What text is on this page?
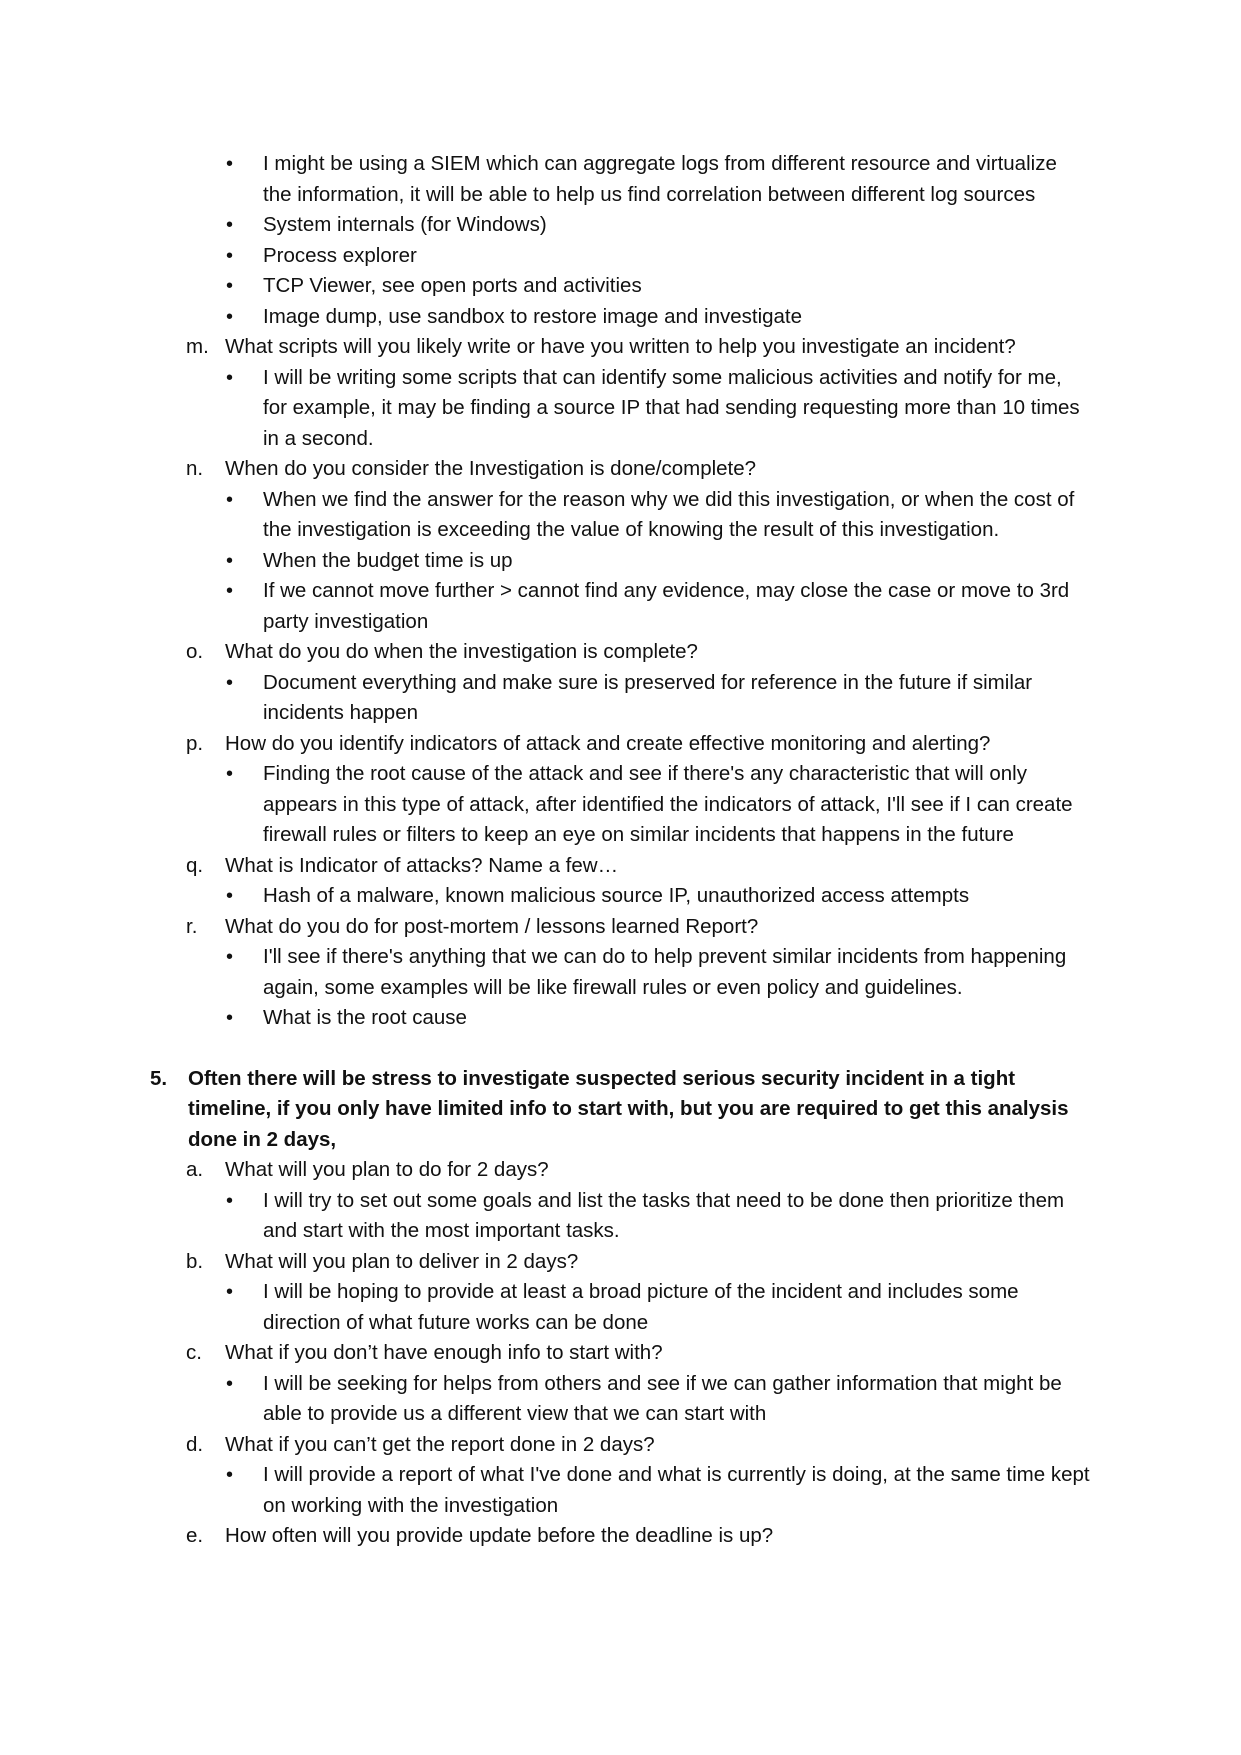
• I might be using a SIEM which can aggregate logs from different resource and virtualize the information, it will be able to help us find correlation between different log sources
• System internals (for Windows)
• Process explorer
• TCP Viewer, see open ports and activities
• Image dump, use sandbox to restore image and investigate
m. What scripts will you likely write or have you written to help you investigate an incident?
• I will be writing some scripts that can identify some malicious activities and notify for me, for example, it may be finding a source IP that had sending requesting more than 10 times in a second.
n. When do you consider the Investigation is done/complete?
• When we find the answer for the reason why we did this investigation, or when the cost of the investigation is exceeding the value of knowing the result of this investigation.
• When the budget time is up
• If we cannot move further > cannot find any evidence, may close the case or move to 3rd party investigation
o. What do you do when the investigation is complete?
• Document everything and make sure is preserved for reference in the future if similar incidents happen
p. How do you identify indicators of attack and create effective monitoring and alerting?
• Finding the root cause of the attack and see if there's any characteristic that will only appears in this type of attack, after identified the indicators of attack, I'll see if I can create firewall rules or filters to keep an eye on similar incidents that happens in the future
q. What is Indicator of attacks? Name a few…
• Hash of a malware, known malicious source IP, unauthorized access attempts
r. What do you do for post-mortem / lessons learned Report?
• I'll see if there's anything that we can do to help prevent similar incidents from happening again, some examples will be like firewall rules or even policy and guidelines.
• What is the root cause
5. Often there will be stress to investigate suspected serious security incident in a tight timeline, if you only have limited info to start with, but you are required to get this analysis done in 2 days,
a. What will you plan to do for 2 days?
• I will try to set out some goals and list the tasks that need to be done then prioritize them and start with the most important tasks.
b. What will you plan to deliver in 2 days?
• I will be hoping to provide at least a broad picture of the incident and includes some direction of what future works can be done
c. What if you don’t have enough info to start with?
• I will be seeking for helps from others and see if we can gather information that might be able to provide us a different view that we can start with
d. What if you can’t get the report done in 2 days?
• I will provide a report of what I've done and what is currently is doing, at the same time kept on working with the investigation
e. How often will you provide update before the deadline is up?
